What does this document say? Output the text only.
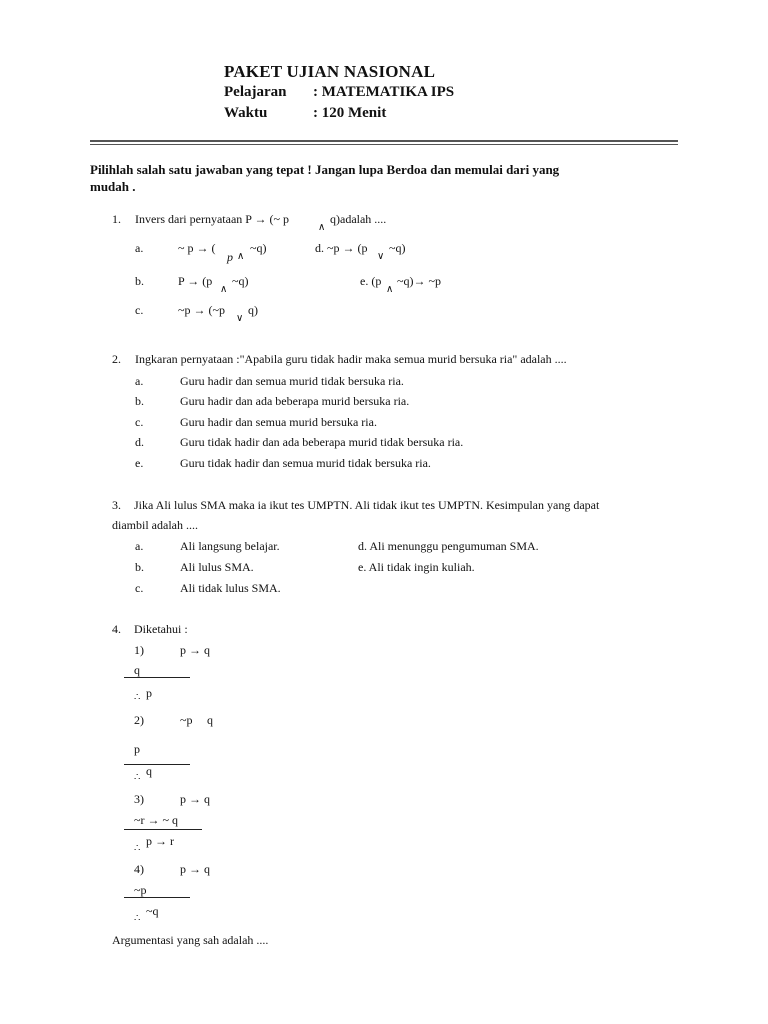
PAKET UJIAN NASIONAL
Pelajaran : MATEMATIKA IPS
Waktu	: 120 Menit
Pilihlah salah satu jawaban yang tepat ! Jangan lupa Berdoa dan memulai dari yang
mudah .
1. Invers dari pernyataan P → (~ p
∧
q)adalah ....
a.	~ p → (
p ∧
~q)	d. ~p → (p
∨
~q)
b.	P → (p
∧
~q)	e. (p
∧
~q)→ ~p
c.	~p → (~p
∨
q)
2. Ingkaran pernyataan :"Apabila guru tidak hadir maka semua murid bersuka ria" adalah ....
a.	Guru hadir dan semua murid tidak bersuka ria.
b.	Guru hadir dan ada beberapa murid bersuka ria.
c.	Guru hadir dan semua murid bersuka ria.
d.	Guru tidak hadir dan ada beberapa murid tidak bersuka ria.
e.	Guru tidak hadir dan semua murid tidak bersuka ria.
3. Jika Ali lulus SMA maka ia ikut tes UMPTN. Ali tidak ikut tes UMPTN. Kesimpulan yang dapat
diambil adalah ....
a.	Ali langsung belajar.	d. Ali menunggu pengumuman SMA.
b.	Ali lulus SMA.	e. Ali tidak ingin kuliah.
c.	Ali tidak lulus SMA.
4. Diketahui :
1)	p → q
q
∴ p
2)	~p q
p
∴ q
3)	p → q
~r → ~ q
∴
p → r
4)	p → q
~p
∴
~q
Argumentasi yang sah adalah ....
